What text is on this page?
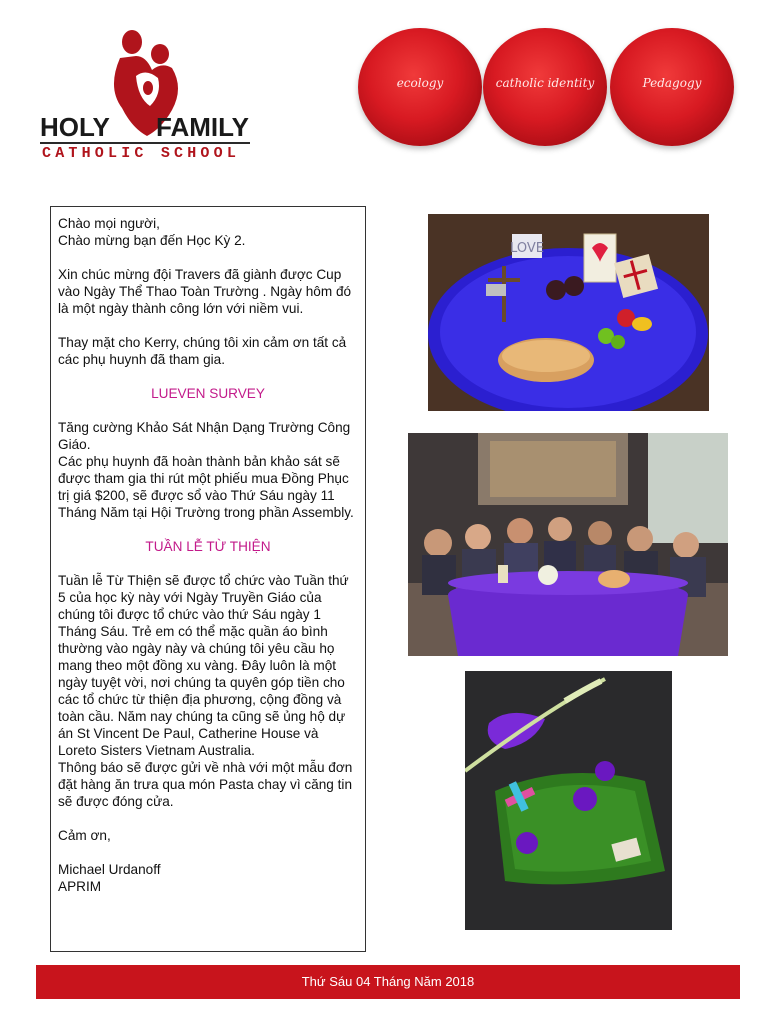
HOLY FAMILY
CATHOLIC SCHOOL
ecology	catholic identity	Pedagogy

Chào mọi người,

Chào mừng bạn đến Học Kỳ 2.

Xin chúc mừng đội Travers đã giành được Cup vào Ngày Thể Thao Toàn Trường . Ngày hôm đó là một ngày thành công lớn với niềm vui.

Thay mặt cho Kerry, chúng tôi xin cảm ơn tất cả các phụ huynh đã tham gia.

LUEVEN SURVEY

Tăng cường Khảo Sát Nhận Dạng Trường Công Giáo.

Các phụ huynh đã hoàn thành bản khảo sát sẽ được tham gia thi rút một phiếu mua Đồng Phục trị giá $200, sẽ được sổ vào Thứ Sáu ngày 11 Tháng Năm tại Hội Trường trong phần Assembly.

TUẦN LỄ TỪ THIỆN

Tuần lễ Từ Thiện sẽ được tổ chức vào Tuần thứ 5 của học kỳ này với Ngày Truyền Giáo của chúng tôi được tổ chức vào thứ Sáu ngày 1 Tháng Sáu. Trẻ em có thể mặc quần áo bình thường vào ngày này và chúng tôi yêu cầu họ mang theo một đồng xu vàng. Đây luôn là một ngày tuyệt vời, nơi chúng ta quyên góp tiền cho các tổ chức từ thiện địa phương, cộng đồng và toàn cầu. Năm nay chúng ta cũng sẽ ủng hộ dự án St Vincent De Paul, Catherine House và Loreto Sisters Vietnam Australia.

Thông báo sẽ được gửi về nhà với một mẫu đơn đặt hàng ăn trưa qua món Pasta chay vì căng tin sẽ được đóng cửa.

Cảm ơn,

Michael Urdanoff

APRIM

LOVE
Thứ Sáu 04 Tháng Năm 2018
